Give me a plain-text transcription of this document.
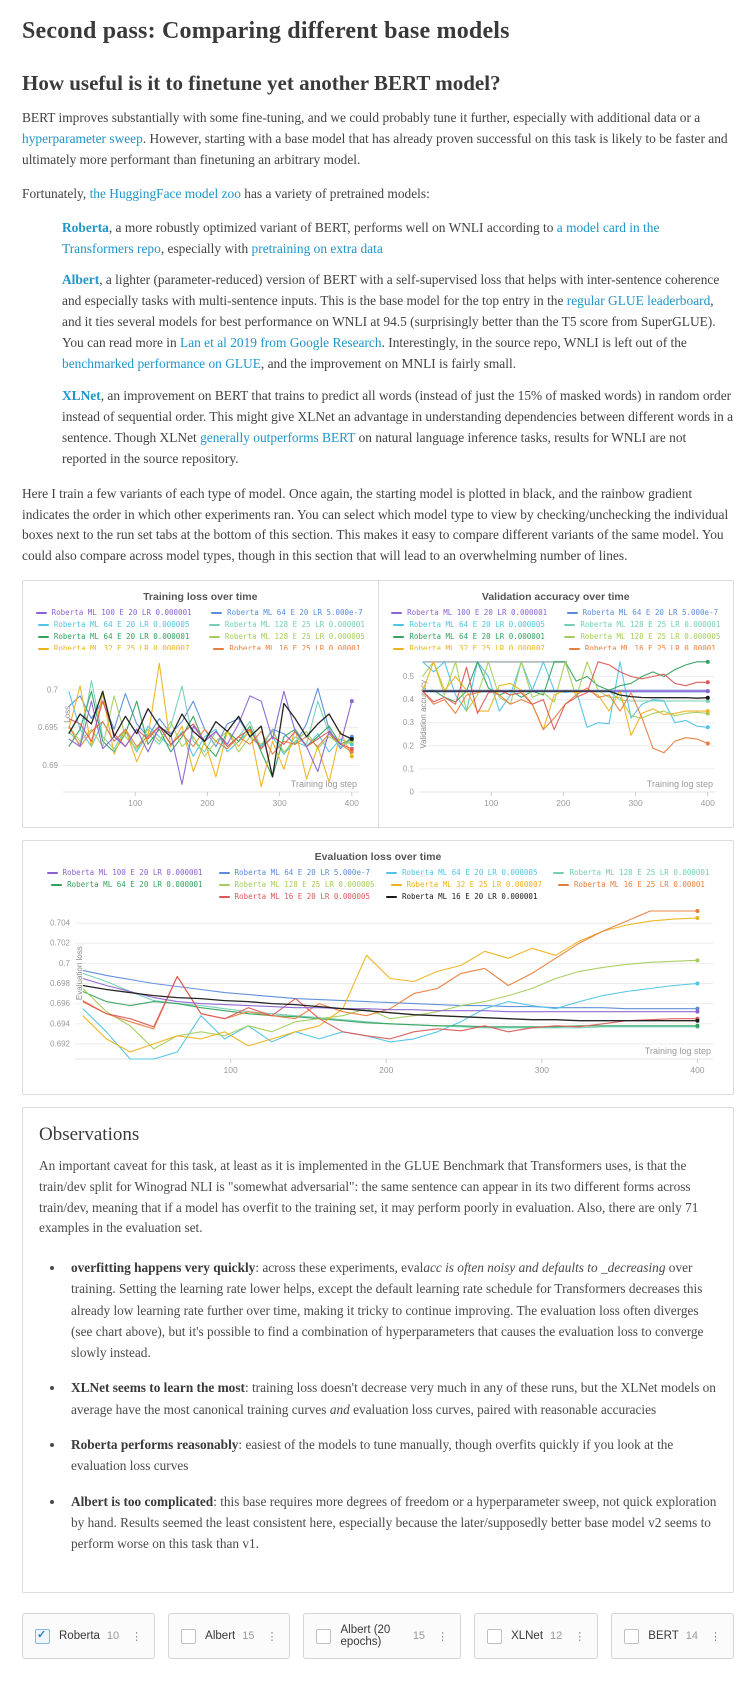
Second pass: Comparing different base models
How useful is it to finetune yet another BERT model?

BERT improves substantially with some fine-tuning, and we could probably tune it further, especially with additional data or a hyperparameter sweep. However, starting with a base model that has already proven successful on this task is likely to be faster and ultimately more performant than finetuning an arbitrary model.

Fortunately, the HuggingFace model zoo has a variety of pretrained models:

Roberta, a more robustly optimized variant of BERT, performs well on WNLI according to a model card in the Transformers repo, especially with pretraining on extra data
Albert, a lighter (parameter-reduced) version of BERT with a self-supervised loss that helps with inter-sentence coherence and especially tasks with multi-sentence inputs. This is the base model for the top entry in the regular GLUE leaderboard, and it ties several models for best performance on WNLI at 94.5 (surprisingly better than the T5 score from SuperGLUE). You can read more in Lan et al 2019 from Google Research. Interestingly, in the source repo, WNLI is left out of the benchmarked performance on GLUE, and the improvement on MNLI is fairly small.
XLNet, an improvement on BERT that trains to predict all words (instead of just the 15% of masked words) in random order instead of sequential order. This might give XLNet an advantage in understanding dependencies between different words in a sentence. Though XLNet generally outperforms BERT on natural language inference tasks, results for WNLI are not reported in the source repository.

Here I train a few variants of each type of model. Once again, the starting model is plotted in black, and the rainbow gradient indicates the order in which other experiments ran. You can select which model type to view by checking/unchecking the individual boxes next to the run set tabs at the bottom of this section. This makes it easy to compare different variants of the same model. You could also compare across model types, though in this section that will lead to an overwhelming number of lines.

Training loss over time
Roberta ML 100 E 20 LR 0.000001	Roberta ML 64 E 20 LR 5.000e-7
Roberta ML 64 E 20 LR 0.000005	Roberta ML 128 E 25 LR 0.000001
Roberta ML 64 E 20 LR 0.000001	Roberta ML 128 E 25 LR 0.000005
Roberta ML 32 E 25 LR 0.000007	Roberta ML 16 E 25 LR 0.00001
0.69
0.695
0.7
100	200	300	400
Loss
Training log step
Validation accuracy over time
Roberta ML 100 E 20 LR 0.000001	Roberta ML 64 E 20 LR 5.000e-7
Roberta ML 64 E 20 LR 0.000005	Roberta ML 128 E 25 LR 0.000001
Roberta ML 64 E 20 LR 0.000001	Roberta ML 128 E 25 LR 0.000005
Roberta ML 32 E 25 LR 0.000007	Roberta ML 16 E 25 LR 0.00001
0
0.1
0.2
0.3
0.4
0.5
100	200	300	400
Validation accuracy
Training log step
Evaluation loss over time
Roberta ML 100 E 20 LR 0.000001	Roberta ML 64 E 20 LR 5.000e-7	Roberta ML 64 E 20 LR 0.000005	Roberta ML 128 E 25 LR 0.000001
Roberta ML 64 E 20 LR 0.000001	Roberta ML 128 E 25 LR 0.000005	Roberta ML 32 E 25 LR 0.000007	Roberta ML 16 E 25 LR 0.00001
Roberta ML 16 E 20 LR 0.000005	Roberta ML 16 E 20 LR 0.000001
0.692
0.694
0.696
0.698
0.7
0.702
0.704
100	200	300	400
Evaluation loss
Training log step
Observations

An important caveat for this task, at least as it is implemented in the GLUE Benchmark that Transformers uses, is that the train/dev split for Winograd NLI is "somewhat adversarial": the same sentence can appear in its two different forms across train/dev, meaning that if a model has overfit to the training set, it may perform poorly in evaluation. Also, there are only 71 examples in the evaluation set.

• overfitting happens very quickly: across these experiments, evalacc is often noisy and defaults to _decreasing over training. Setting the learning rate lower helps, except the default learning rate schedule for Transformers decreases this already low learning rate further over time, making it tricky to continue improving. The evaluation loss often diverges (see chart above), but it's possible to find a combination of hyperparameters that causes the evaluation loss to converge slowly instead.
• XLNet seems to learn the most: training loss doesn't decrease very much in any of these runs, but the XLNet models on average have the most canonical training curves and evaluation loss curves, paired with reasonable accuracies
• Roberta performs reasonably: easiest of the models to tune manually, though overfits quickly if you look at the evaluation loss curves
• Albert is too complicated: this base requires more degrees of freedom or a hyperparameter sweep, not quick exploration by hand. Results seemed the least consistent here, especially because the later/supposedly better base model v2 seems to perform worse on this task than v1.
✓
Roberta 10 ⋮	Albert 15 ⋮
Albert (20 epochs)	15 ⋮	XLNet 12 ⋮	BERT 14 ⋮
